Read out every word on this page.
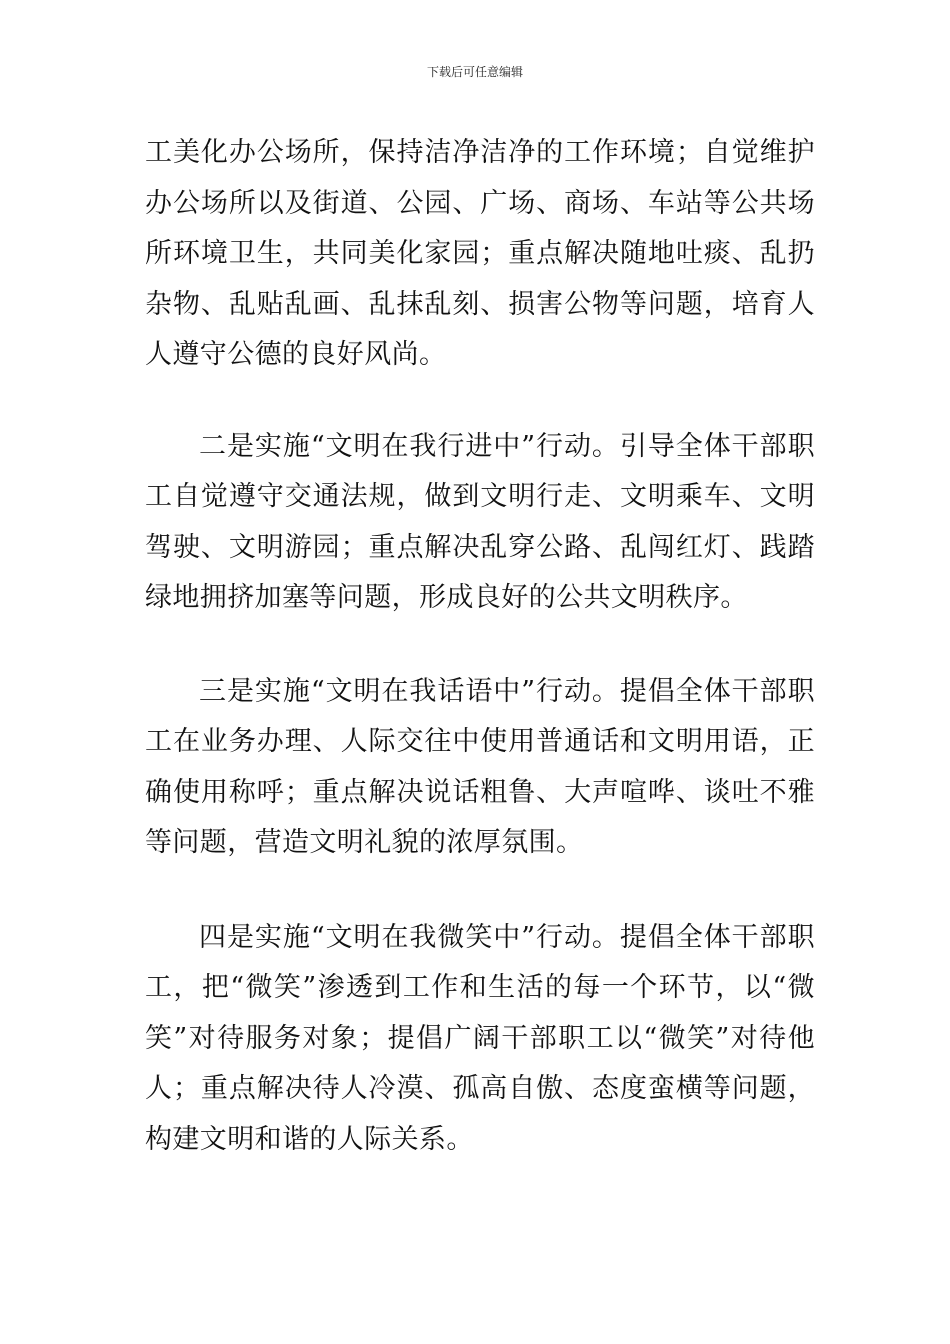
下载后可任意编辑

工美化办公场所，保持洁净洁净的工作环境；自觉维护办公场所以及街道、公园、广场、商场、车站等公共场所环境卫生，共同美化家园；重点解决随地吐痰、乱扔杂物、乱贴乱画、乱抹乱刻、损害公物等问题，培育人人遵守公德的良好风尚。

二是实施“文明在我行进中”行动。引导全体干部职工自觉遵守交通法规，做到文明行走、文明乘车、文明驾驶、文明游园；重点解决乱穿公路、乱闯红灯、践踏绿地拥挤加塞等问题，形成良好的公共文明秩序。

三是实施“文明在我话语中”行动。提倡全体干部职工在业务办理、人际交往中使用普通话和文明用语，正确使用称呼；重点解决说话粗鲁、大声喧哗、谈吐不雅等问题，营造文明礼貌的浓厚氛围。

四是实施“文明在我微笑中”行动。提倡全体干部职工，把“微笑”渗透到工作和生活的每一个环节，以“微笑”对待服务对象；提倡广阔干部职工以“微笑”对待他人；重点解决待人冷漠、孤高自傲、态度蛮横等问题，构建文明和谐的人际关系。
